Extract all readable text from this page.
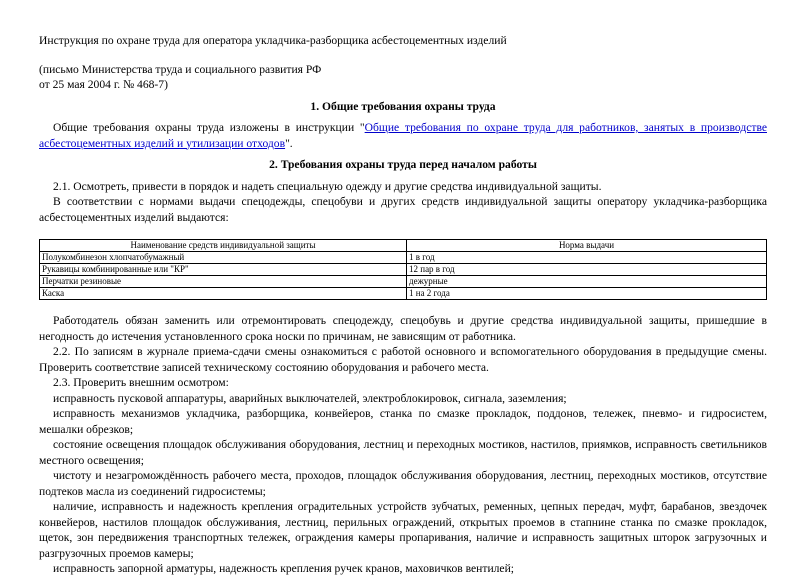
Инструкция по охране труда для оператора укладчика-разборщика асбестоцементных изделий

(письмо Министерства труда и социального развития РФ

от 25 мая 2004 г. № 468-7)

1. Общие требования охраны труда

Общие требования охраны труда изложены в инструкции "Общие требования по охране труда для работников, занятых в производстве асбестоцементных изделий и утилизации отходов".

2. Требования охраны труда перед началом работы

2.1. Осмотреть, привести в порядок и надеть специальную одежду и другие средства индивидуальной защиты.

В соответствии с нормами выдачи спецодежды, спецобуви и других средств индивидуальной защиты оператору укладчика-разборщика асбестоцементных изделий выдаются:

Наименование средств индивидуальной защиты	Норма выдачи
Полукомбинезон хлопчатобумажный	1 в год
Рукавицы комбинированные или "КР"	12 пар в год
Перчатки резиновые	дежурные
Каска	1 на 2 года

Работодатель обязан заменить или отремонтировать спецодежду, спецобувь и другие средства индивидуальной защиты, пришедшие в негодность до истечения установленного срока носки по причинам, не зависящим от работника.

2.2. По записям в журнале приема-сдачи смены ознакомиться с работой основного и вспомогательного оборудования в предыдущие смены. Проверить соответствие записей техническому состоянию оборудования и рабочего места.

2.3. Проверить внешним осмотром:

исправность пусковой аппаратуры, аварийных выключателей, электроблокировок, сигнала, заземления;

исправность механизмов укладчика, разборщика, конвейеров, станка по смазке прокладок, поддонов, тележек, пневмо- и гидросистем, мешалки обрезков;

состояние освещения площадок обслуживания оборудования, лестниц и переходных мостиков, настилов, приямков, исправность светильников местного освещения;

чистоту и незагромождённость рабочего места, проходов, площадок обслуживания оборудования, лестниц, переходных мостиков, отсутствие подтеков масла из соединений гидросистемы;

наличие, исправность и надежность крепления оградительных устройств зубчатых, ременных, цепных передач, муфт, барабанов, звездочек конвейеров, настилов площадок обслуживания, лестниц, перильных ограждений, открытых проемов в стапнине станка по смазке прокладок, щеток, зон передвижения транспортных тележек, ограждения камеры пропаривания, наличие и исправность защитных шторок загрузочных и разгрузочных проемов камеры;

исправность запорной арматуры, надежность крепления ручек кранов, маховичков вентилей;
